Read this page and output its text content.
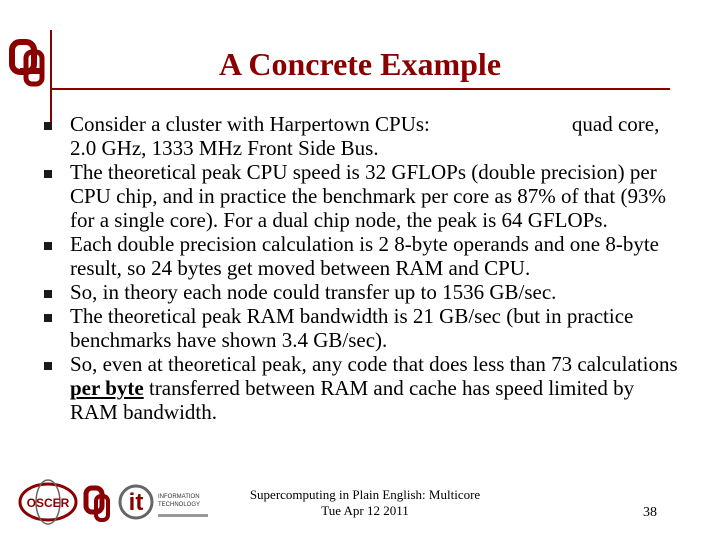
A Concrete Example
Consider a cluster with Harpertown CPUs:	quad core, 2.0 GHz, 1333 MHz Front Side Bus.
The theoretical peak CPU speed is 32 GFLOPs (double precision) per CPU chip, and in practice the benchmark per core as 87% of that (93% for a single core). For a dual chip node, the peak is 64 GFLOPs.
Each double precision calculation is 2 8-byte operands and one 8-byte result, so 24 bytes get moved between RAM and CPU.
So, in theory each node could transfer up to 1536 GB/sec.
The theoretical peak RAM bandwidth is 21 GB/sec (but in practice benchmarks have shown 3.4 GB/sec).
So, even at theoretical peak, any code that does less than 73 calculations per byte transferred between RAM and cache has speed limited by RAM bandwidth.
OSCER it INFORMATION
TECHNOLOGY
Supercomputing in Plain English: Multicore
Tue Apr 12 2011	38
